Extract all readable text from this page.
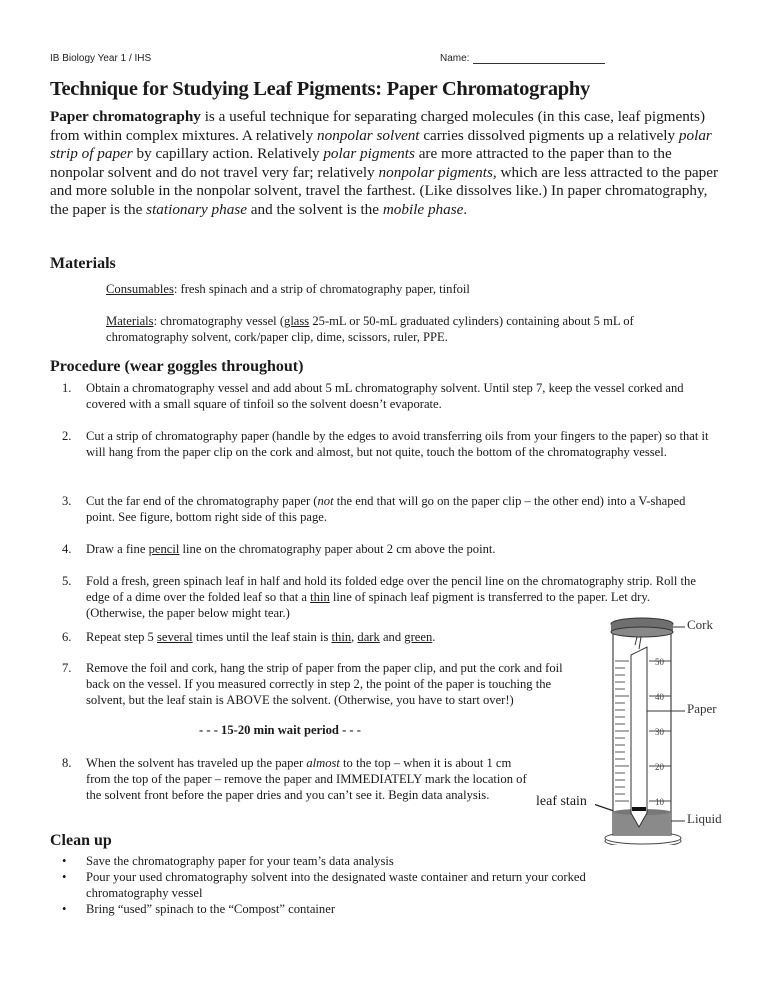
IB Biology Year 1 / IHS	Name:
Technique for Studying Leaf Pigments: Paper Chromatography

Paper chromatography is a useful technique for separating charged molecules (in this case, leaf pigments) from within complex mixtures. A relatively nonpolar solvent carries dissolved pigments up a relatively polar strip of paper by capillary action. Relatively polar pigments are more attracted to the paper than to the nonpolar solvent and do not travel very far; relatively nonpolar pigments, which are less attracted to the paper and more soluble in the nonpolar solvent, travel the farthest. (Like dissolves like.) In paper chromatography, the paper is the stationary phase and the solvent is the mobile phase.

Materials

Consumables: fresh spinach and a strip of chromatography paper, tinfoil

Materials: chromatography vessel (glass 25-mL or 50-mL graduated cylinders) containing about 5 mL of chromatography solvent, cork/paper clip, dime, scissors, ruler, PPE.

Procedure (wear goggles throughout)
1.	Obtain a chromatography vessel and add about 5 mL chromatography solvent. Until step 7, keep the vessel corked and covered with a small square of tinfoil so the solvent doesn’t evaporate.
2.	Cut a strip of chromatography paper (handle by the edges to avoid transferring oils from your fingers to the paper) so that it will hang from the paper clip on the cork and almost, but not quite, touch the bottom of the chromatography vessel.
3.	Cut the far end of the chromatography paper (not the end that will go on the paper clip – the other end) into a V-shaped point. See figure, bottom right side of this page.
4.	Draw a fine pencil line on the chromatography paper about 2 cm above the point.
5.	Fold a fresh, green spinach leaf in half and hold its folded edge over the pencil line on the chromatography strip. Roll the edge of a dime over the folded leaf so that a thin line of spinach leaf pigment is transferred to the paper. Let dry. (Otherwise, the paper below might tear.)
6.	Repeat step 5 several times until the leaf stain is thin, dark and green.
7.	Remove the foil and cork, hang the strip of paper from the paper clip, and put the cork and foil back on the vessel. If you measured correctly in step 2, the point of the paper is touching the solvent, but the leaf stain is ABOVE the solvent. (Otherwise, you have to start over!)
- - - 15-20 min wait period - - -
8.	When the solvent has traveled up the paper almost to the top – when it is about 1 cm from the top of the paper – remove the paper and IMMEDIATELY mark the location of the solvent front before the paper dries and you can’t see it. Begin data analysis.	leaf stain
Clean up
•	Save the chromatography paper for your team’s data analysis
•	Pour your used chromatography solvent into the designated waste container and return your corked chromatography vessel
•	Bring “used” spinach to the “Compost” container
50
40
30
20
10
Cork
Paper
Liquid
